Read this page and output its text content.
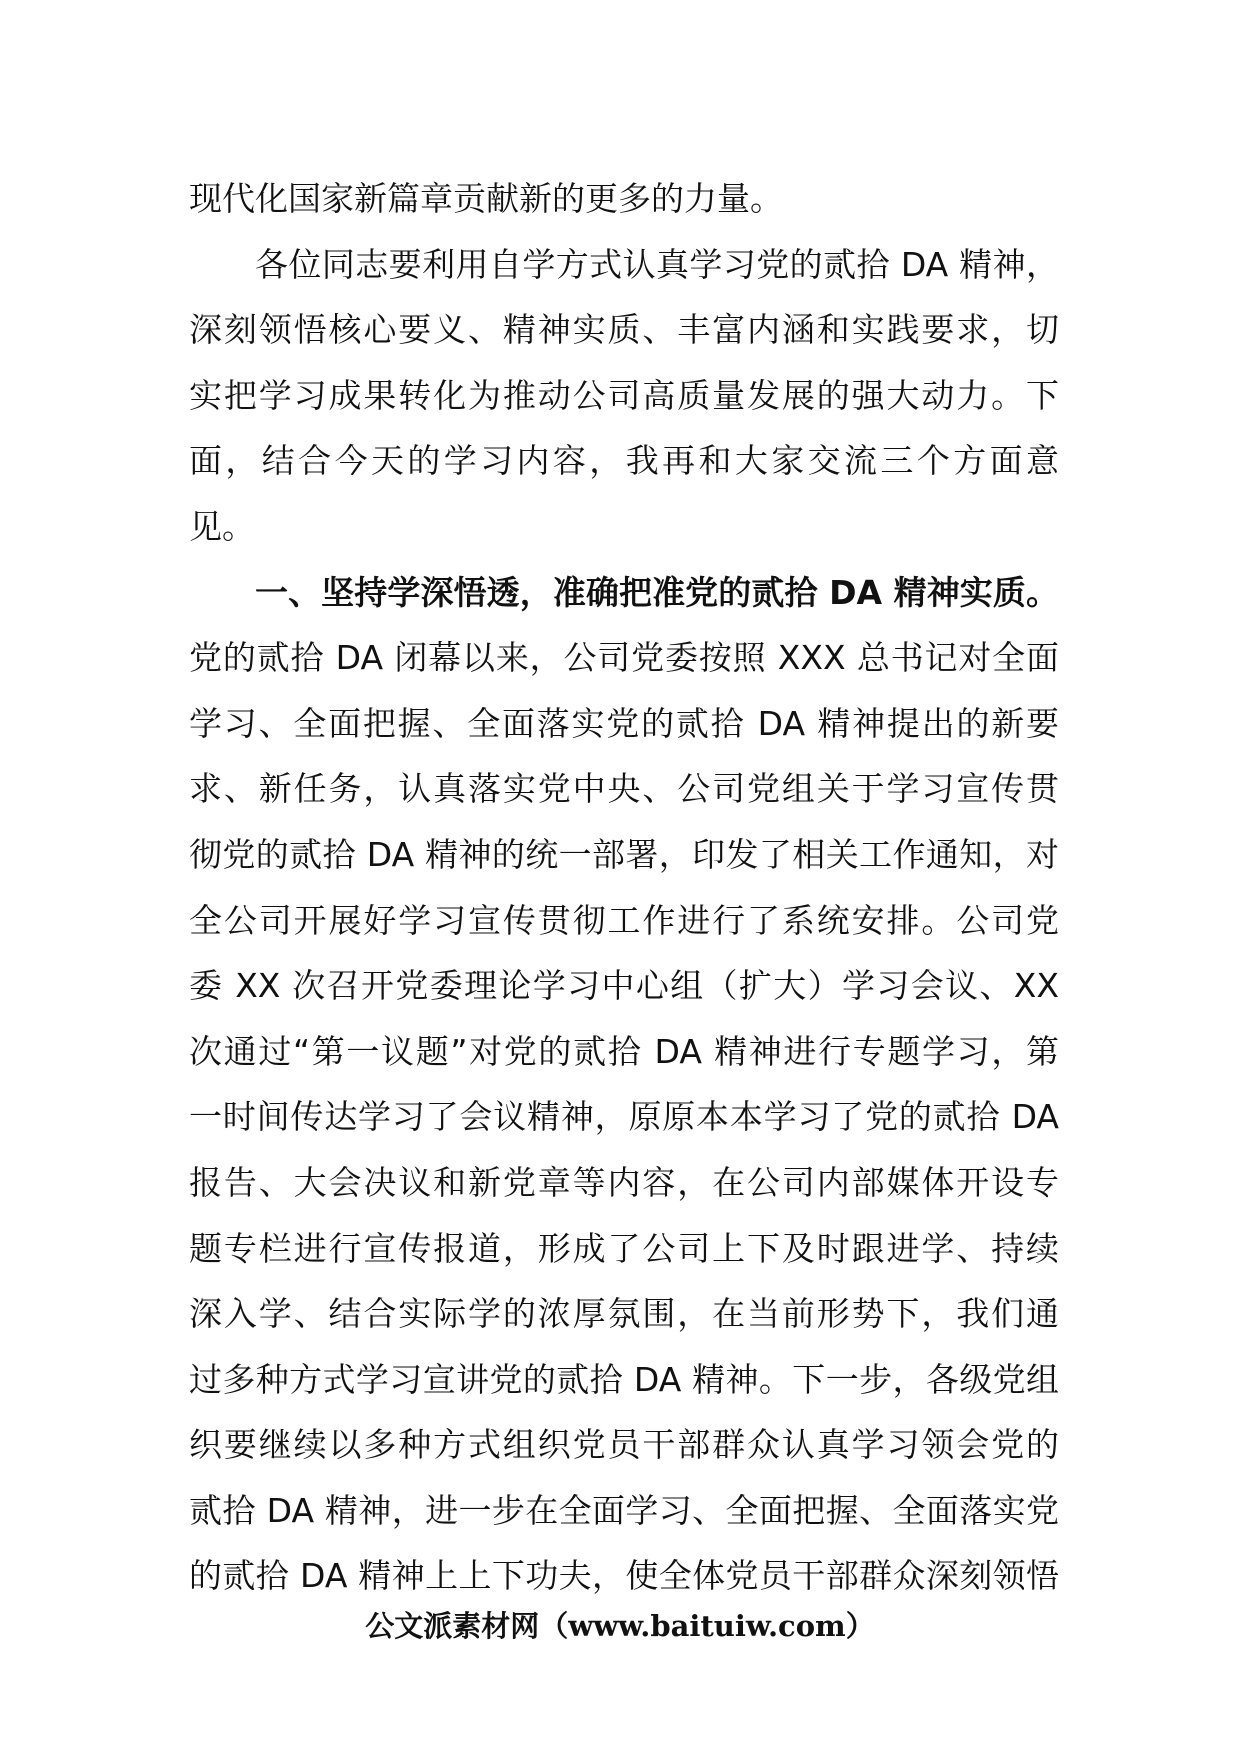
现代化国家新篇章贡献新的更多的力量。
各位同志要利用自学方式认真学习党的贰拾 DA 精神，
深刻领悟核心要义、精神实质、丰富内涵和实践要求，切
实把学习成果转化为推动公司高质量发展的强大动力。下
面，结合今天的学习内容，我再和大家交流三个方面意
见。
一、坚持学深悟透，准确把准党的贰拾 DA 精神实质。
党的贰拾 DA 闭幕以来，公司党委按照 XXX 总书记对全面
学习、全面把握、全面落实党的贰拾 DA 精神提出的新要
求、新任务，认真落实党中央、公司党组关于学习宣传贯
彻党的贰拾 DA 精神的统一部署，印发了相关工作通知，对
全公司开展好学习宣传贯彻工作进行了系统安排。公司党
委 XX 次召开党委理论学习中心组（扩大）学习会议、XX
次通过“第一议题”对党的贰拾 DA 精神进行专题学习，第
一时间传达学习了会议精神，原原本本学习了党的贰拾 DA
报告、大会决议和新党章等内容，在公司内部媒体开设专
题专栏进行宣传报道，形成了公司上下及时跟进学、持续
深入学、结合实际学的浓厚氛围，在当前形势下，我们通
过多种方式学习宣讲党的贰拾 DA 精神。下一步，各级党组
织要继续以多种方式组织党员干部群众认真学习领会党的
贰拾 DA 精神，进一步在全面学习、全面把握、全面落实党
的贰拾 DA 精神上上下功夫，使全体党员干部群众深刻领悟
公文派素材网（www.baituiw.com）
